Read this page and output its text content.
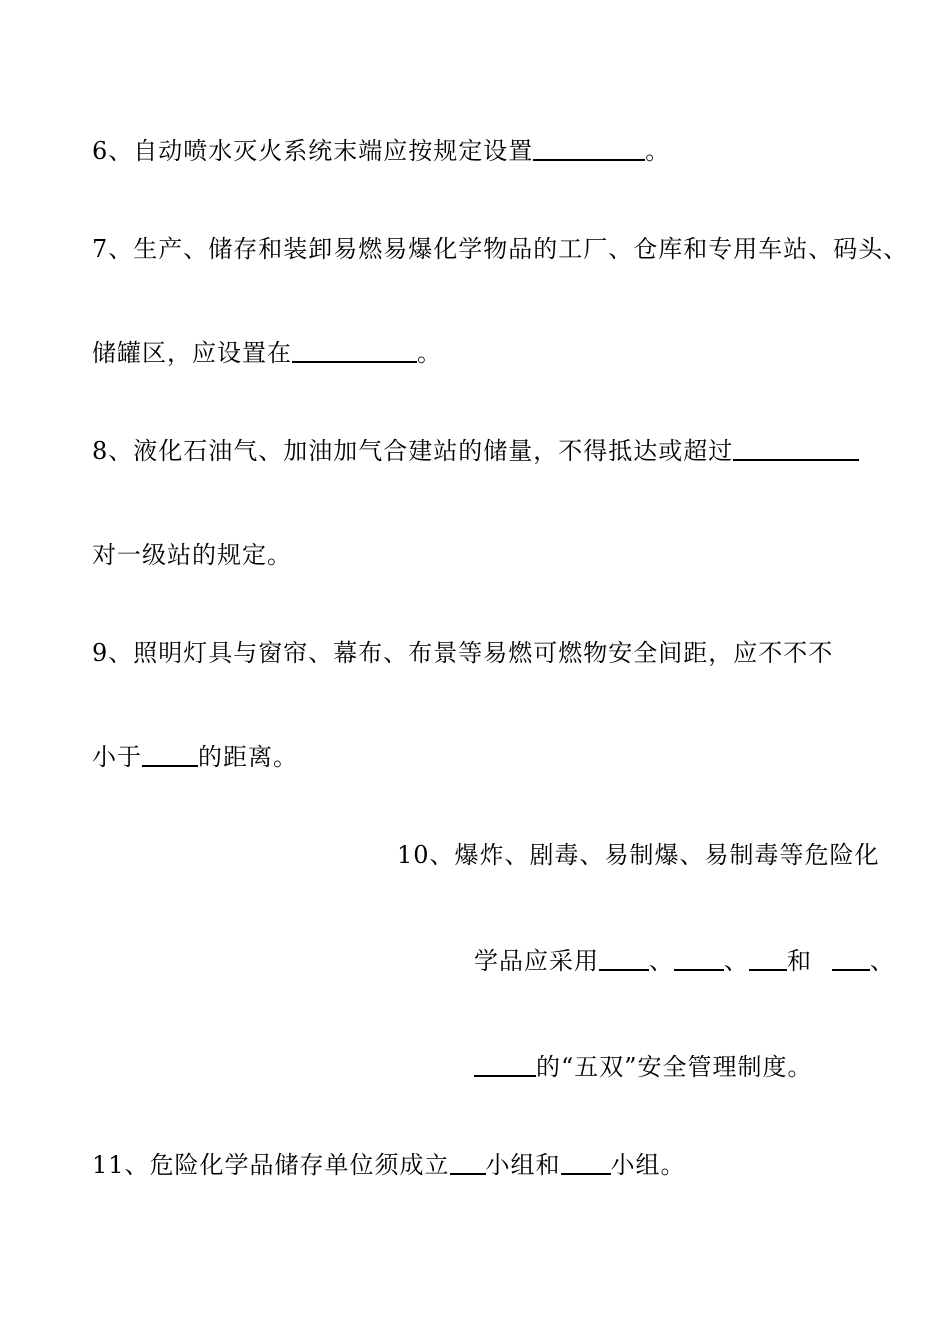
6、自动喷水灭火系统末端应按规定设置	。
7、生产、储存和装卸易燃易爆化学物品的工厂、仓库和专用车站、码头、
储罐区，应设置在	。
8、液化石油气、加油加气合建站的储量，不得抵达或超过
对一级站的规定。
9、照明灯具与窗帘、幕布、布景等易燃可燃物安全间距，应不不不
小于 的距离。
10、爆炸、剧毒、易制爆、易制毒等危险化
学品应采用 、 、 和 、
的“五双”安全管理制度。
11、危险化学品储存单位须成立 小组和 小组。
